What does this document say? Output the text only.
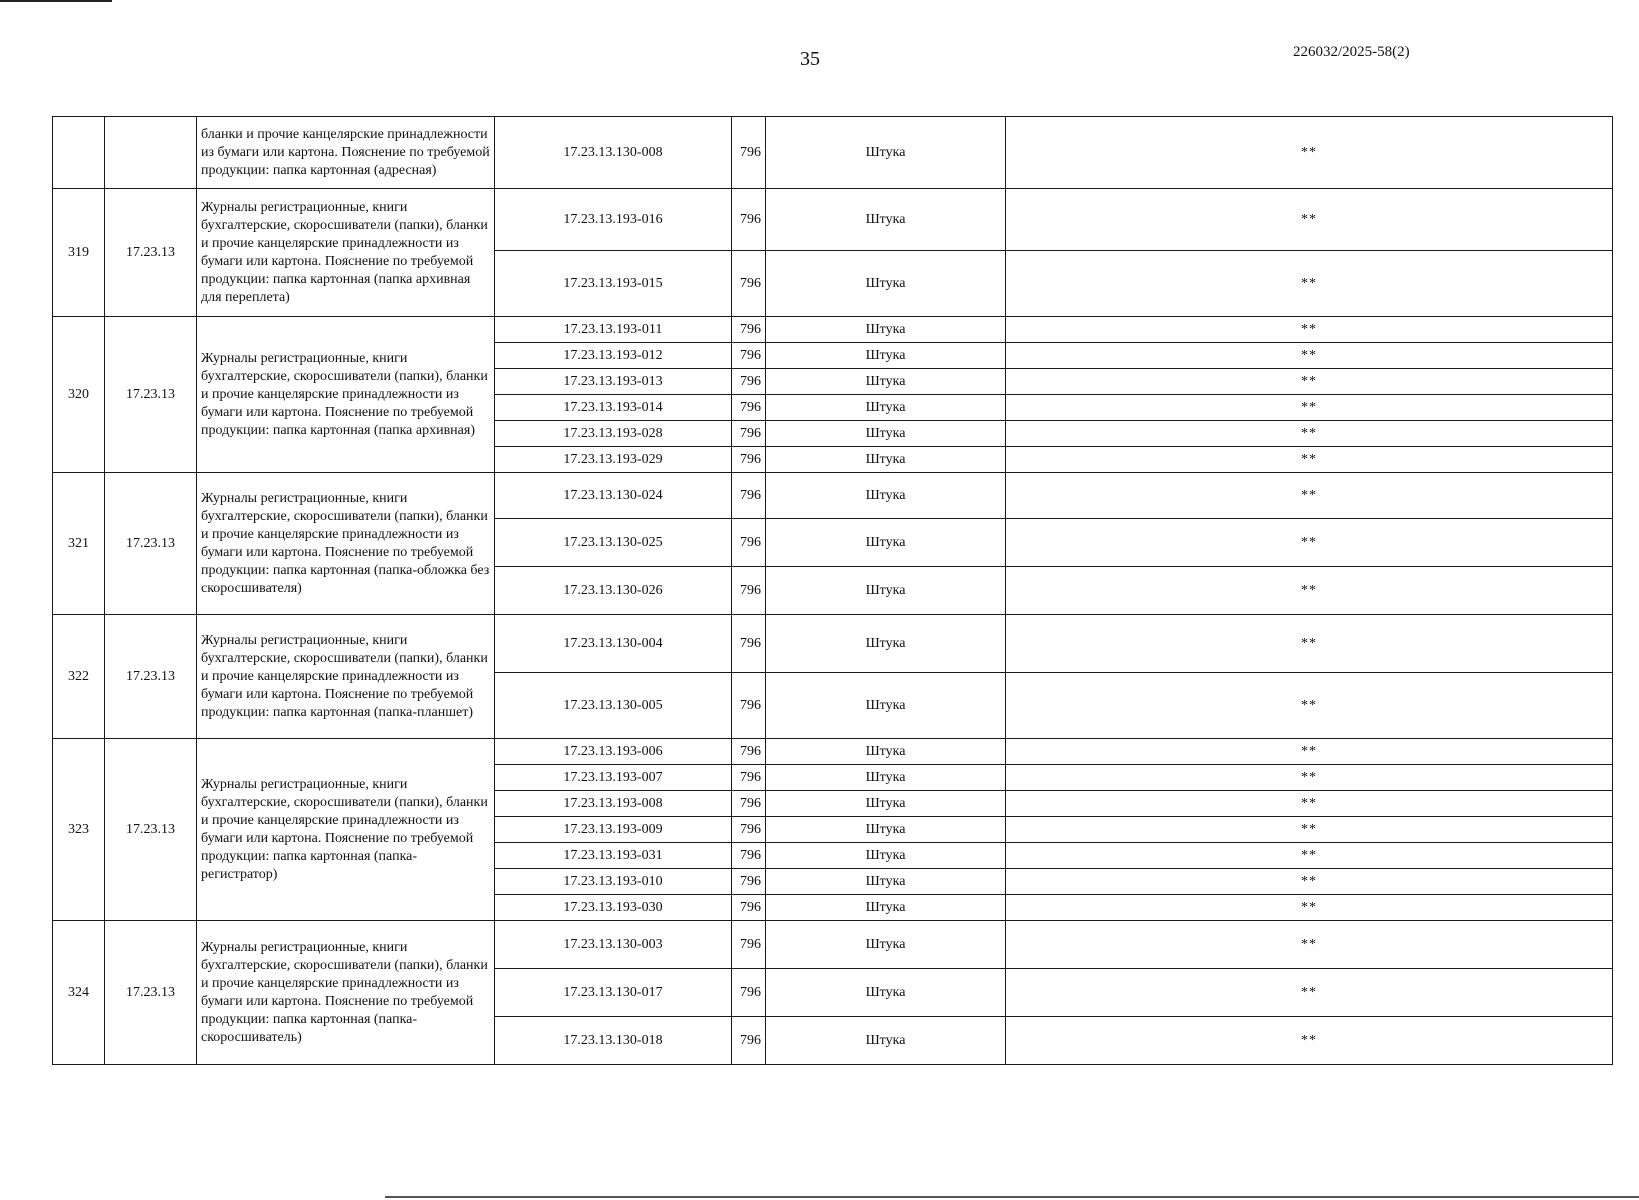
35	226032/2025-58(2)
		бланки и прочие канцелярские принадлежности из бумаги или картона. Пояснение по требуемой продукции: папка картонная (адресная)	17.23.13.130-008	796	Штука	**
319	17.23.13	Журналы регистрационные, книги бухгалтерские, скоросшиватели (папки), бланки и прочие канцелярские принадлежности из бумаги или картона. Пояснение по требуемой продукции: папка картонная (папка архивная для переплета)	17.23.13.193-016	796	Штука	**
			17.23.13.193-015	796	Штука	**
320	17.23.13	Журналы регистрационные, книги бухгалтерские, скоросшиватели (папки), бланки и прочие канцелярские принадлежности из бумаги или картона. Пояснение по требуемой продукции: папка картонная (папка архивная)	17.23.13.193-011	796	Штука	**
			17.23.13.193-012	796	Штука	**
			17.23.13.193-013	796	Штука	**
			17.23.13.193-014	796	Штука	**
			17.23.13.193-028	796	Штука	**
			17.23.13.193-029	796	Штука	**
321	17.23.13	Журналы регистрационные, книги бухгалтерские, скоросшиватели (папки), бланки и прочие канцелярские принадлежности из бумаги или картона. Пояснение по требуемой продукции: папка картонная (папка-обложка без скоросшивателя)	17.23.13.130-024	796	Штука	**
			17.23.13.130-025	796	Штука	**
			17.23.13.130-026	796	Штука	**
322	17.23.13	Журналы регистрационные, книги бухгалтерские, скоросшиватели (папки), бланки и прочие канцелярские принадлежности из бумаги или картона. Пояснение по требуемой продукции: папка картонная (папка-планшет)	17.23.13.130-004	796	Штука	**
			17.23.13.130-005	796	Штука	**
323	17.23.13	Журналы регистрационные, книги бухгалтерские, скоросшиватели (папки), бланки и прочие канцелярские принадлежности из бумаги или картона. Пояснение по требуемой продукции: папка картонная (папка-регистратор)	17.23.13.193-006	796	Штука	**
			17.23.13.193-007	796	Штука	**
			17.23.13.193-008	796	Штука	**
			17.23.13.193-009	796	Штука	**
			17.23.13.193-031	796	Штука	**
			17.23.13.193-010	796	Штука	**
			17.23.13.193-030	796	Штука	**
324	17.23.13	Журналы регистрационные, книги бухгалтерские, скоросшиватели (папки), бланки и прочие канцелярские принадлежности из бумаги или картона. Пояснение по требуемой продукции: папка картонная (папка-скоросшиватель)	17.23.13.130-003	796	Штука	**
			17.23.13.130-017	796	Штука	**
			17.23.13.130-018	796	Штука	**
